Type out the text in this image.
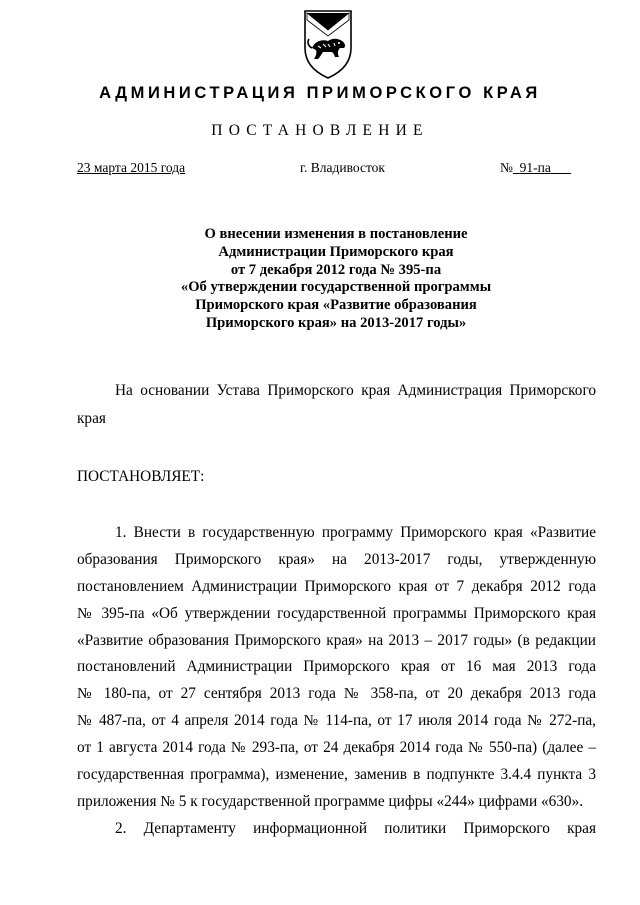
АДМИНИСТРАЦИЯ ПРИМОРСКОГО КРАЯ
ПОСТАНОВЛЕНИЕ
23 марта 2015 года	г. Владивосток	№ 91-па
О внесении изменения в постановление
Администрации Приморского края
от 7 декабря 2012 года № 395-па
«Об утверждении государственной программы
Приморского края «Развитие образования
Приморского края» на 2013-2017 годы»
На основании Устава Приморского края Администрация Приморского
края
ПОСТАНОВЛЯЕТ:
1. Внести в государственную программу Приморского края «Развитие
образования Приморского края» на 2013-2017 годы, утвержденную
постановлением Администрации Приморского края от 7 декабря 2012 года
№ 395-па «Об утверждении государственной программы Приморского края
«Развитие образования Приморского края» на 2013 – 2017 годы» (в редакции
постановлений Администрации Приморского края от 16 мая 2013 года
№ 180-па, от 27 сентября 2013 года № 358-па, от 20 декабря 2013 года
№ 487-па, от 4 апреля 2014 года № 114-па, от 17 июля 2014 года № 272-па,
от 1 августа 2014 года № 293-па, от 24 декабря 2014 года № 550-па) (далее –
государственная программа), изменение, заменив в подпункте 3.4.4 пункта 3
приложения № 5 к государственной программе цифры «244» цифрами «630».
2. Департаменту информационной политики Приморского края
